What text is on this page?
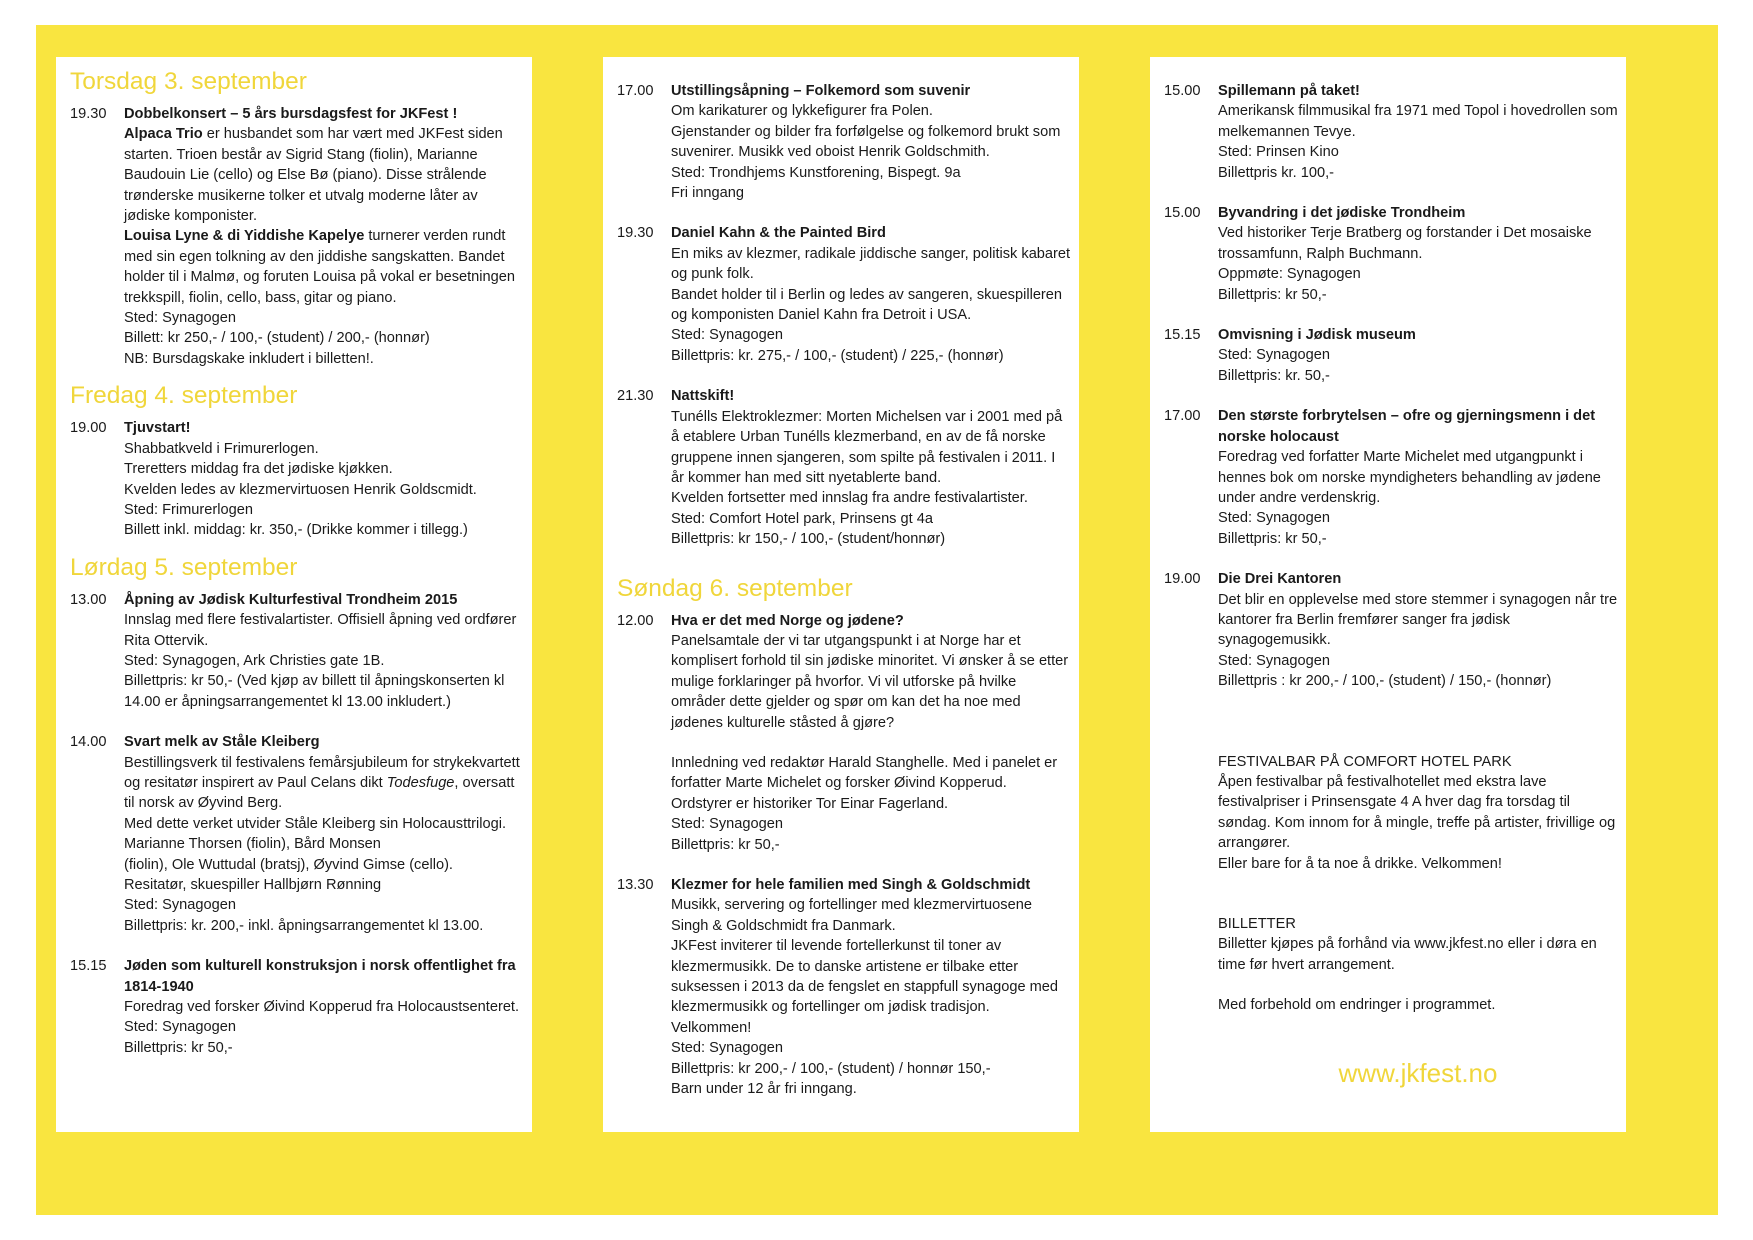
Torsdag 3. september
19.30	Dobbelkonsert – 5 års bursdagsfest for JKFest !
Alpaca Trio er husbandet som har vært med JKFest siden starten. Trioen består av Sigrid Stang (fiolin), Marianne Baudouin Lie (cello) og Else Bø (piano). Disse strålende trønderske musikerne tolker et utvalg moderne låter av jødiske komponister.
Louisa Lyne & di Yiddishe Kapelye turnerer verden rundt med sin egen tolkning av den jiddishe sangskatten. Bandet holder til i Malmø, og foruten Louisa på vokal er besetningen trekkspill, fiolin, cello, bass, gitar og piano.
Sted: Synagogen
Billett: kr 250,- / 100,- (student) / 200,- (honnør)
NB: Bursdagskake inkludert i billetten!.
Fredag 4. september
19.00	Tjuvstart!
Shabbatkveld i Frimurerlogen.
Treretters middag fra det jødiske kjøkken.
Kvelden ledes av klezmervirtuosen Henrik Goldscmidt.
Sted: Frimurerlogen
Billett inkl. middag: kr. 350,- (Drikke kommer i tillegg.)
Lørdag 5. september
13.00	Åpning av Jødisk Kulturfestival Trondheim 2015
Innslag med flere festivalartister. Offisiell åpning ved ordfører Rita Ottervik.
Sted: Synagogen, Ark Christies gate 1B.
Billettpris: kr 50,- (Ved kjøp av billett til åpningskonserten kl 14.00 er åpningsarrangementet kl 13.00 inkludert.)
14.00	Svart melk av Ståle Kleiberg
Bestillingsverk til festivalens femårsjubileum for strykekvartett og resitatør inspirert av Paul Celans dikt Todesfuge, oversatt til norsk av Øyvind Berg.
Med dette verket utvider Ståle Kleiberg sin Holocausttrilogi.
Marianne Thorsen (fiolin), Bård Monsen
(fiolin), Ole Wuttudal (bratsj), Øyvind Gimse (cello).
Resitatør, skuespiller Hallbjørn Rønning
Sted: Synagogen
Billettpris: kr. 200,- inkl. åpningsarrangementet kl 13.00.
15.15	Jøden som kulturell konstruksjon i norsk offentlighet fra 1814-1940
Foredrag ved forsker Øivind Kopperud fra Holocaustsenteret.
Sted: Synagogen
Billettpris: kr 50,-
17.00	Utstillingsåpning – Folkemord som suvenir
Om karikaturer og lykkefigurer fra Polen.
Gjenstander og bilder fra forfølgelse og folkemord brukt som suvenirer. Musikk ved oboist Henrik Goldschmith.
Sted: Trondhjems Kunstforening, Bispegt. 9a
Fri inngang
19.30	Daniel Kahn & the Painted Bird
En miks av klezmer, radikale jiddische sanger, politisk kabaret og punk folk.
Bandet holder til i Berlin og ledes av sangeren, skuespilleren og komponisten Daniel Kahn fra Detroit i USA.
Sted: Synagogen
Billettpris: kr. 275,- / 100,- (student) / 225,- (honnør)
21.30	Nattskift!
Tunélls Elektroklezmer: Morten Michelsen var i 2001 med på å etablere Urban Tunélls klezmerband, en av de få norske gruppene innen sjangeren, som spilte på festivalen i 2011. I år kommer han med sitt nyetablerte band.
Kvelden fortsetter med innslag fra andre festivalartister.
Sted: Comfort Hotel park, Prinsens gt 4a
Billettpris: kr 150,- / 100,- (student/honnør)
Søndag 6. september
12.00	Hva er det med Norge og jødene?
Panelsamtale der vi tar utgangspunkt i at Norge har et komplisert forhold til sin jødiske minoritet. Vi ønsker å se etter mulige forklaringer på hvorfor. Vi vil utforske på hvilke områder dette gjelder og spør om kan det ha noe med jødenes kulturelle ståsted å gjøre?
Innledning ved redaktør Harald Stanghelle. Med i panelet er forfatter Marte Michelet og forsker Øivind Kopperud. Ordstyrer er historiker Tor Einar Fagerland.
Sted: Synagogen
Billettpris: kr 50,-
13.30	Klezmer for hele familien med Singh & Goldschmidt
Musikk, servering og fortellinger med klezmervirtuosene Singh & Goldschmidt fra Danmark.
JKFest inviterer til levende fortellerkunst til toner av klezmermusikk. De to danske artistene er tilbake etter suksessen i 2013 da de fengslet en stappfull synagoge med klezmermusikk og fortellinger om jødisk tradisjon. Velkommen!
Sted: Synagogen
Billettpris: kr 200,- / 100,- (student) / honnør 150,-
Barn under 12 år fri inngang.
15.00	Spillemann på taket!
Amerikansk filmmusikal fra 1971 med Topol i hovedrollen som melkemannen Tevye.
Sted: Prinsen Kino
Billettpris kr. 100,-
15.00	Byvandring i det jødiske Trondheim
Ved historiker Terje Bratberg og forstander i Det mosaiske trossamfunn, Ralph Buchmann.
Oppmøte: Synagogen
Billettpris: kr 50,-
15.15	Omvisning i Jødisk museum
Sted: Synagogen
Billettpris: kr. 50,-
17.00	Den største forbrytelsen – ofre og gjerningsmenn i det norske holocaust
Foredrag ved forfatter Marte Michelet med utgangpunkt i hennes bok om norske myndigheters behandling av jødene under andre verdenskrig.
Sted: Synagogen
Billettpris: kr 50,-
19.00	Die Drei Kantoren
Det blir en opplevelse med store stemmer i synagogen når tre kantorer fra Berlin fremfører sanger fra jødisk synagogemusikk.
Sted: Synagogen
Billettpris : kr 200,- / 100,- (student) / 150,- (honnør)
FESTIVALBAR PÅ COMFORT HOTEL PARK
Åpen festivalbar på festivalhotellet med ekstra lave festivalpriser i Prinsensgate 4 A hver dag fra torsdag til søndag. Kom innom for å mingle, treffe på artister, frivillige og arrangører.
Eller bare for å ta noe å drikke. Velkommen!
BILLETTER
Billetter kjøpes på forhånd via www.jkfest.no eller i døra en time før hvert arrangement.
Med forbehold om endringer i programmet.
www.jkfest.no
